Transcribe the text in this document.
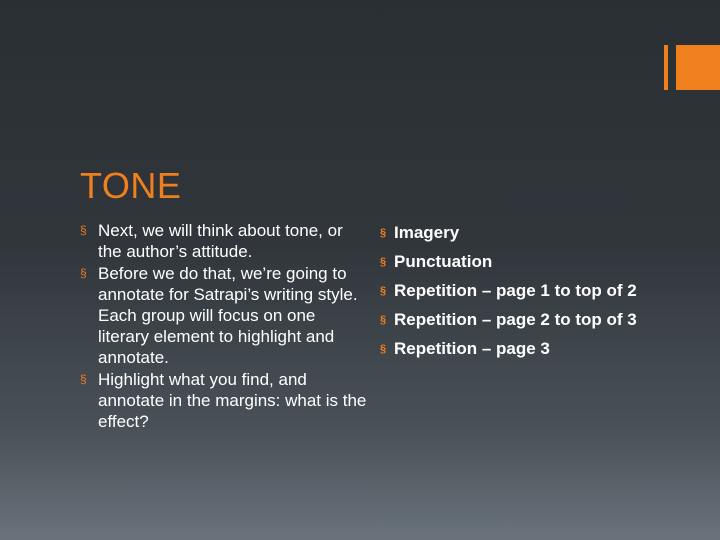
TONE
§ Next, we will think about tone, or the author’s attitude.
§ Before we do that, we’re going to annotate for Satrapi’s writing style. Each group will focus on one literary element to highlight and annotate.
§ Highlight what you find, and annotate in the margins: what is the effect?
§ Imagery
§ Punctuation
§ Repetition – page 1 to top of 2
§ Repetition – page 2 to top of 3
§ Repetition – page 3
